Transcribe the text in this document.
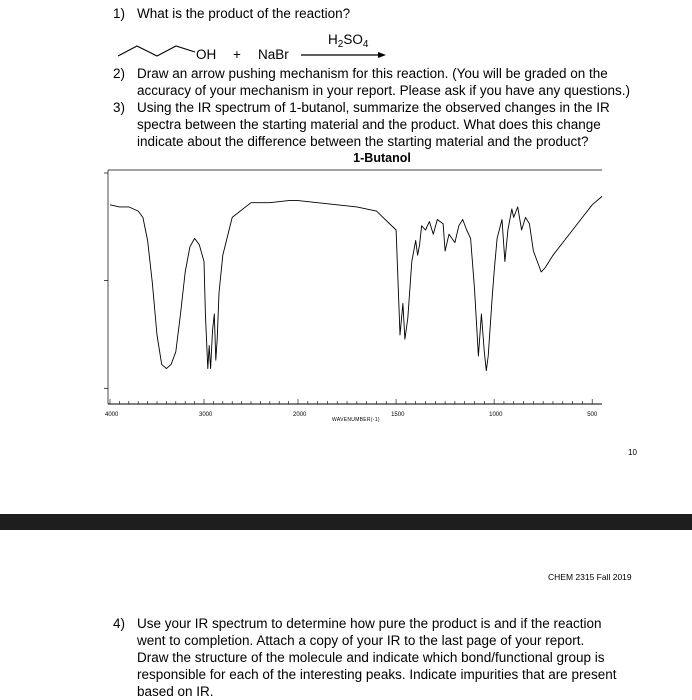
OH + NaBr
$H_2SO_4$
1) What is the product of the reaction?
2) Draw an arrow pushing mechanism for this reaction. (You will be graded on the
accuracy of your mechanism in your report. Please ask if you have any questions.)
3) Using the IR spectrum of 1-butanol, summarize the observed changes in the IR
spectra between the starting material and the product. What does this change
indicate about the difference between the starting material and the product?
1-Butanol
4000	3000	2000	1500	1000	500
WAVENUMBER(-1)
10
CHEM 2315 Fall 2019
4) Use your IR spectrum to determine how pure the product is and if the reaction
went to completion. Attach a copy of your IR to the last page of your report.
Draw the structure of the molecule and indicate which bond/functional group is
responsible for each of the interesting peaks. Indicate impurities that are present
based on IR.
